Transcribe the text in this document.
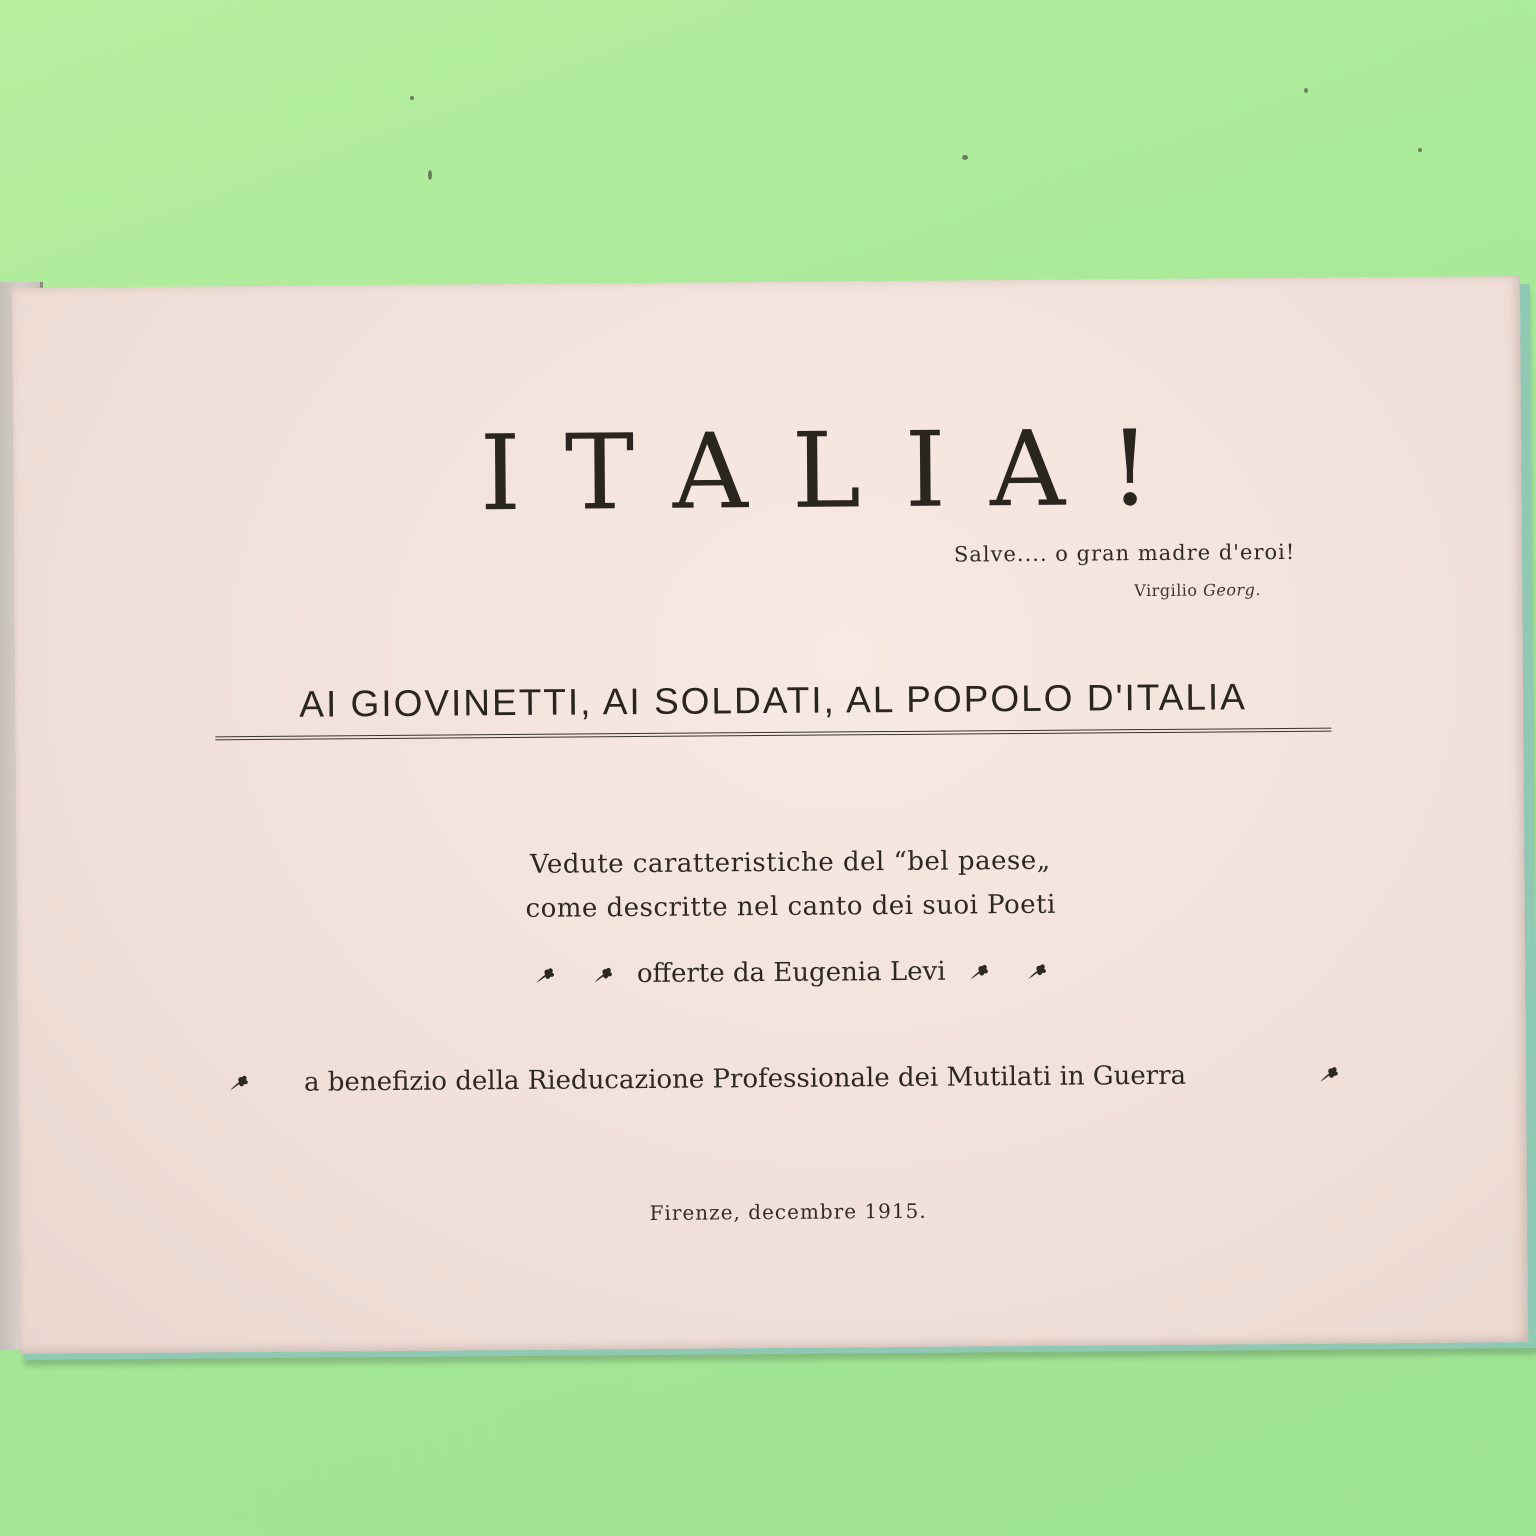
ITALIA!
Salve.... o gran madre d'eroi!
Virgilio Georg.
AI GIOVINETTI, AI SOLDATI, AL POPOLO D'ITALIA
Vedute caratteristiche del “bel paese„
come descritte nel canto dei suoi Poeti
offerte da Eugenia Levi
a benefizio della Rieducazione Professionale dei Mutilati in Guerra
Firenze, decembre 1915.
